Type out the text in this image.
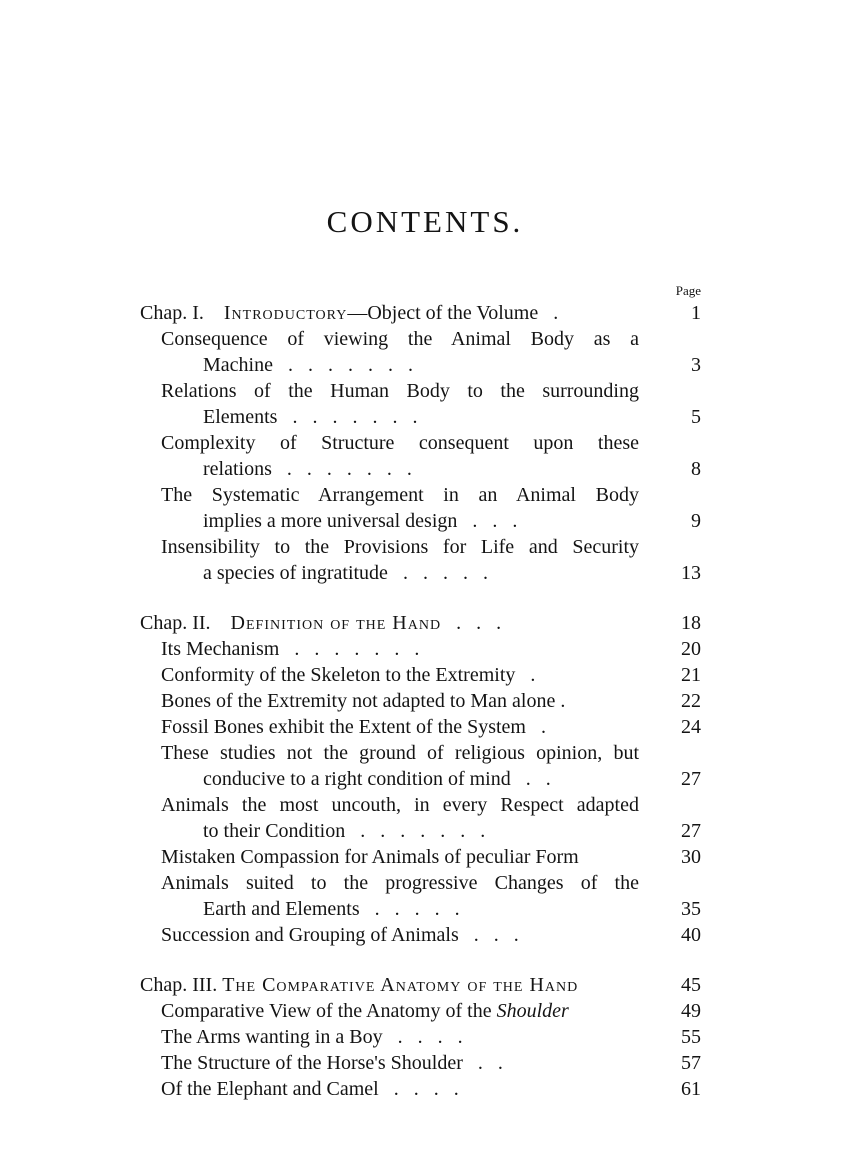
CONTENTS.
Page
Chap. I.  Introductory—Object of the Volume   .	1
Consequence of viewing the Animal Body as a
Machine   .   .   .   .   .   .   .	3
Relations of the Human Body to the surrounding
Elements   .   .   .   .   .   .   .	5
Complexity of Structure consequent upon these
relations   .   .   .   .   .   .   .	8
The Systematic Arrangement in an Animal Body
implies a more universal design   .   .   .	9
Insensibility to the Provisions for Life and Security
a species of ingratitude   .   .   .   .   .	13
Chap. II.  Definition of the Hand   .   .   .	18
Its Mechanism   .   .   .   .   .   .   .	20
Conformity of the Skeleton to the Extremity   .	21
Bones of the Extremity not adapted to Man alone .	22
Fossil Bones exhibit the Extent of the System   .	24
These studies not the ground of religious opinion, but
conducive to a right condition of mind   .   .	27
Animals the most uncouth, in every Respect adapted
to their Condition   .   .   .   .   .   .   .	27
Mistaken Compassion for Animals of peculiar Form	30
Animals suited to the progressive Changes of the
Earth and Elements   .   .   .   .   .	35
Succession and Grouping of Animals   .   .   .	40
Chap. III. The Comparative Anatomy of the Hand	45
Comparative View of the Anatomy of the Shoulder	49
The Arms wanting in a Boy   .   .   .   .	55
The Structure of the Horse's Shoulder   .   .	57
Of the Elephant and Camel   .   .   .   .	61
